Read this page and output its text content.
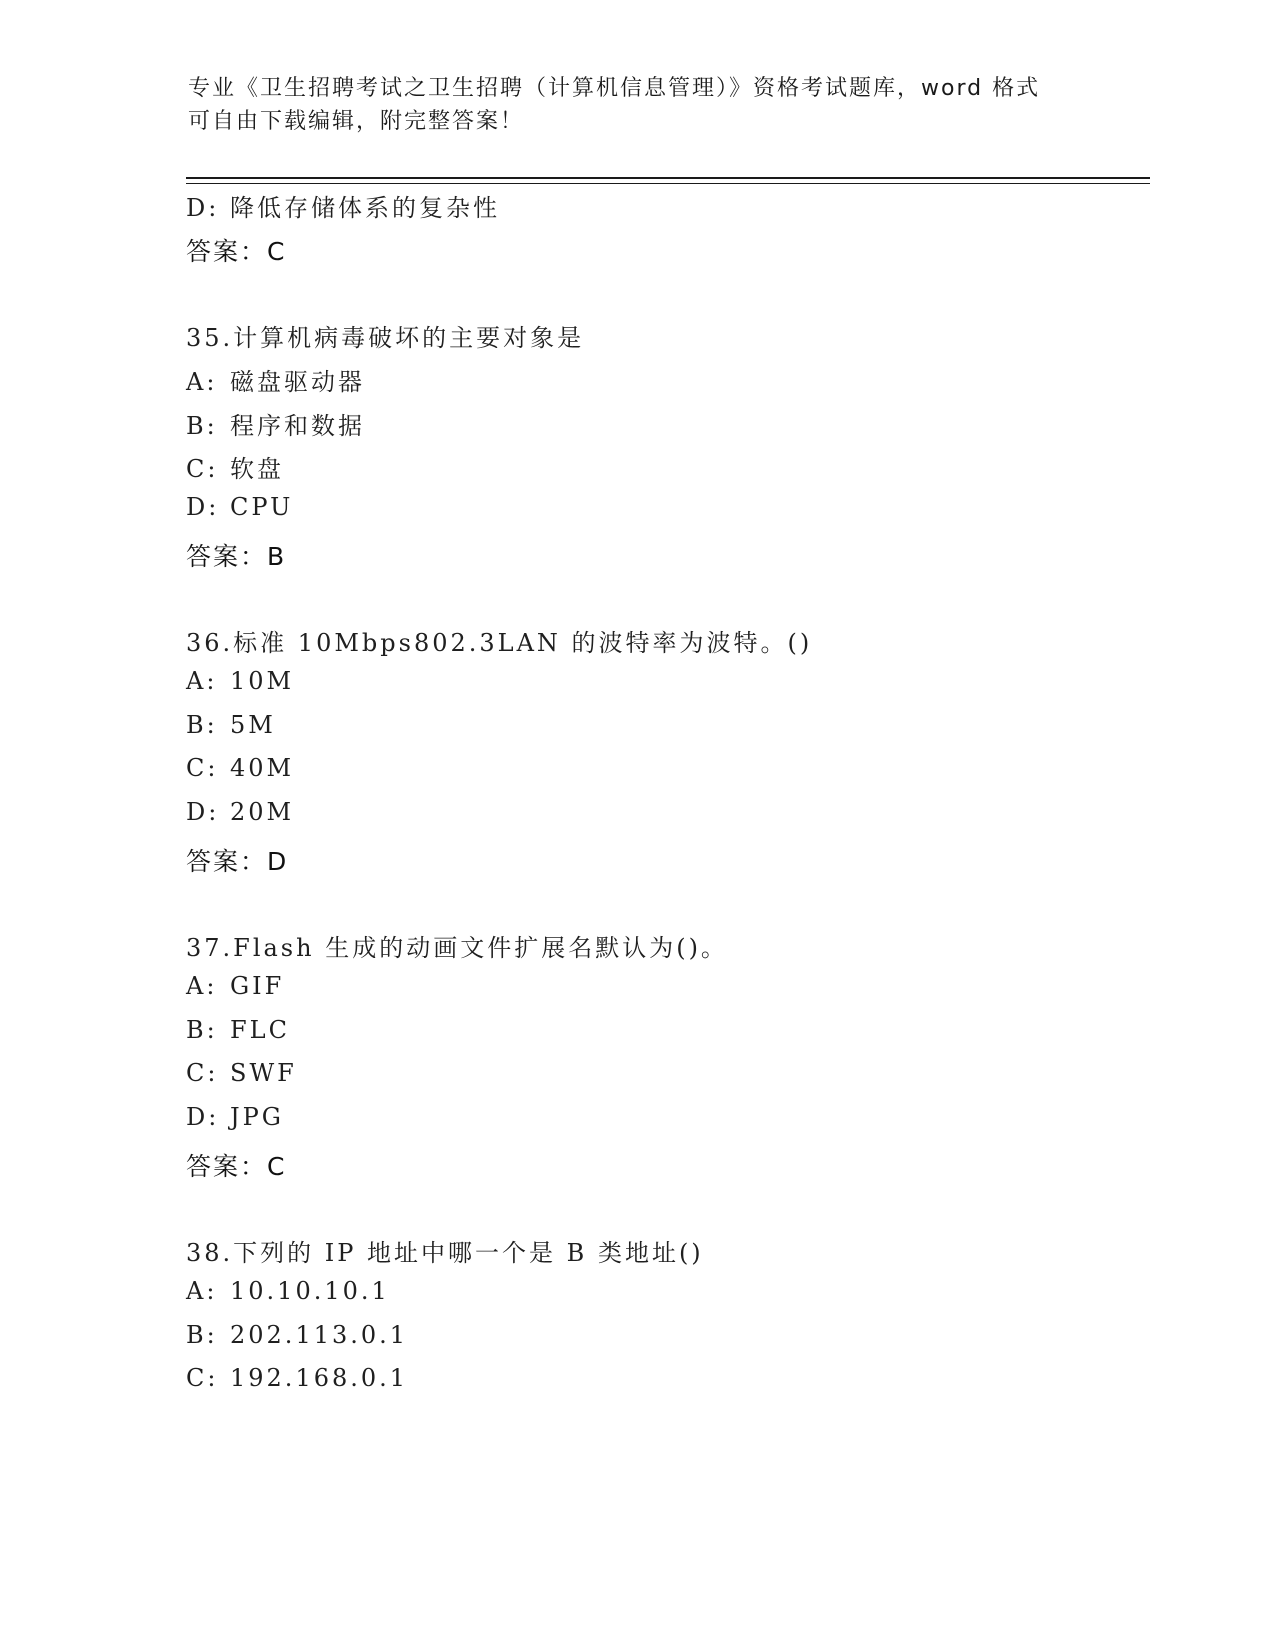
专业《卫生招聘考试之卫生招聘（计算机信息管理）》资格考试题库，word 格式
可自由下载编辑，附完整答案！
D: 降低存储体系的复杂性
答案：C
35.计算机病毒破坏的主要对象是
A: 磁盘驱动器
B: 程序和数据
C: 软盘
D: CPU
答案：B
36.标准 10Mbps802.3LAN 的波特率为波特。()
A: 10M
B: 5M
C: 40M
D: 20M
答案：D
37.Flash 生成的动画文件扩展名默认为()。
A: GIF
B: FLC
C: SWF
D: JPG
答案：C
38.下列的 IP 地址中哪一个是 B 类地址()
A: 10.10.10.1
B: 202.113.0.1
C: 192.168.0.1
